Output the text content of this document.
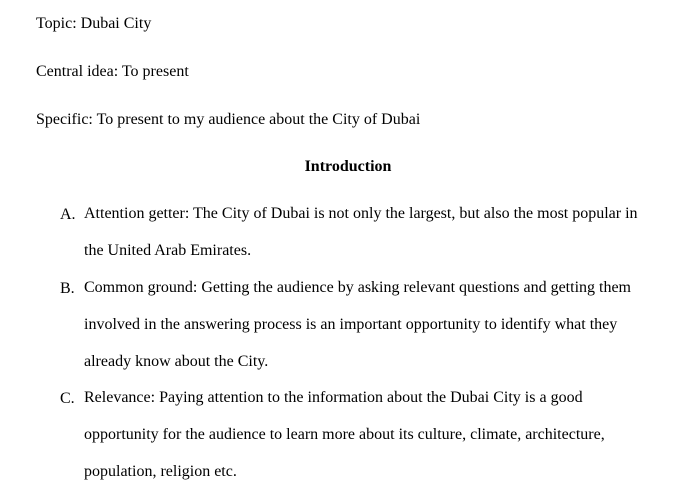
Topic: Dubai City
Central idea: To present
Specific: To present to my audience about the City of Dubai
Introduction
A. Attention getter: The City of Dubai is not only the largest, but also the most popular in the United Arab Emirates.
B. Common ground: Getting the audience by asking relevant questions and getting them involved in the answering process is an important opportunity to identify what they already know about the City.
C. Relevance: Paying attention to the information about the Dubai City is a good opportunity for the audience to learn more about its culture, climate, architecture, population, religion etc.
